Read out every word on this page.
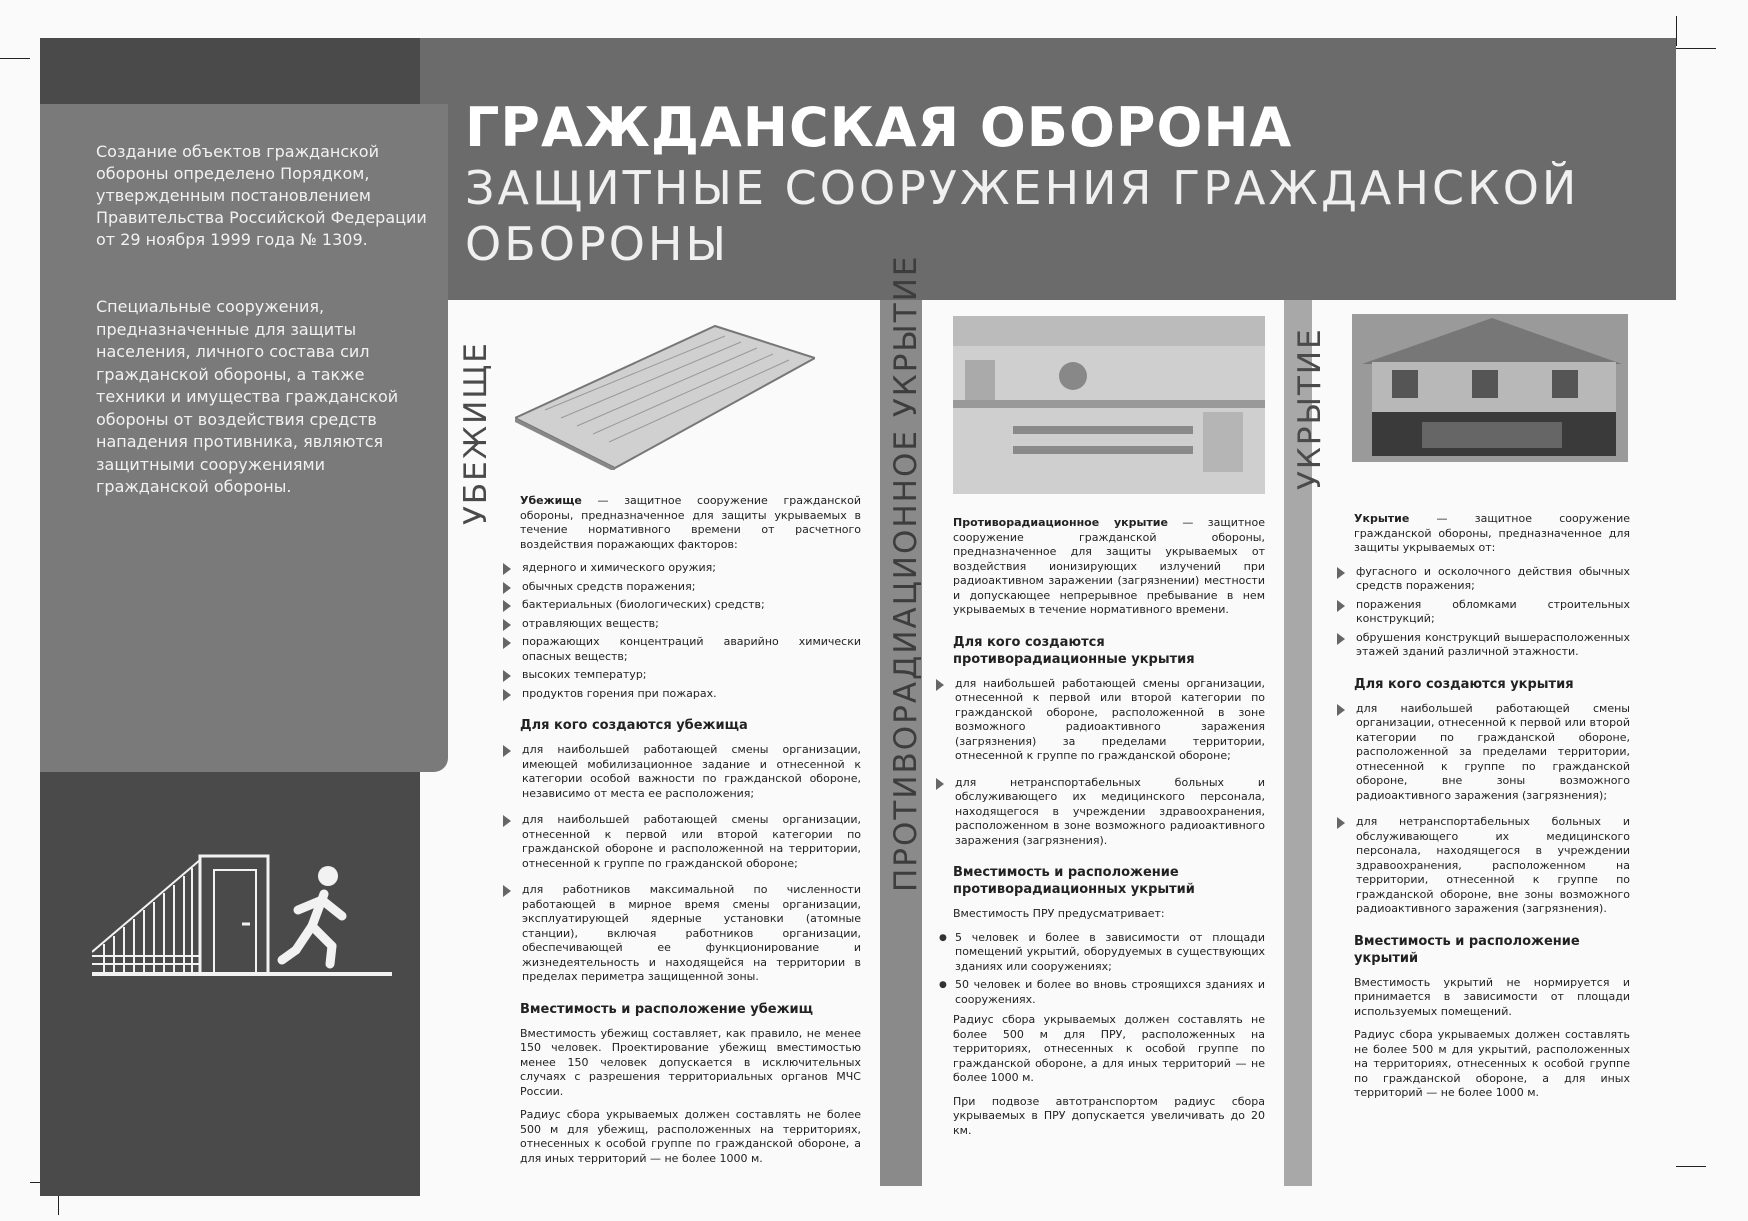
ГРАЖДАНСКАЯ ОБОРОНА
ЗАЩИТНЫЕ СООРУЖЕНИЯ ГРАЖДАНСКОЙ ОБОРОНЫ
Создание объектов гражданской обороны определено Порядком, утвержденным постановлением Правительства Российской Федерации от 29 ноября 1999 года № 1309.
Специальные сооружения, предназначенные для защиты населения, личного состава сил гражданской обороны, а также техники и имущества гражданской обороны от воздействия средств нападения противника, являются защитными сооружениями гражданской обороны.	УБЕЖИЩЕ	ПРОТИВОРАДИАЦИОННОЕ УКРЫТИЕ	УКРЫТИЕ

Убежище — защитное сооружение гражданской обороны, предназначенное для защиты укрываемых в течение нормативного времени от расчетного воздействия поражающих факторов:

ядерного и химического оружия;
обычных средств поражения;
бактериальных (биологических) средств;
отравляющих веществ;
поражающих концентраций аварийно химически опасных веществ;
высоких температур;
продуктов горения при пожарах.
Для кого создаются убежища
для наибольшей работающей смены организации, имеющей мобилизационное задание и отнесенной к категории особой важности по гражданской обороне, независимо от места ее расположения;
для наибольшей работающей смены организации, отнесенной к первой или второй категории по гражданской обороне и расположенной на территории, отнесенной к группе по гражданской обороне;
для работников максимальной по численности работающей в мирное время смены организации, эксплуатирующей ядерные установки (атомные станции), включая работников организации, обеспечивающей ее функционирование и жизнедеятельность и находящейся на территории в пределах периметра защищенной зоны.
Вместимость и расположение убежищ

Вместимость убежищ составляет, как правило, не менее 150 человек. Проектирование убежищ вместимостью менее 150 человек допускается в исключительных случаях с разрешения территориальных органов МЧС России.

Радиус сбора укрываемых должен составлять не более 500 м для убежищ, расположенных на территориях, отнесенных к особой группе по гражданской обороне, а для иных территорий — не более 1000 м.

Противорадиационное укрытие — защитное сооружение гражданской обороны, предназначенное для защиты укрываемых от воздействия ионизирующих излучений при радиоактивном заражении (загрязнении) местности и допускающее непрерывное пребывание в нем укрываемых в течение нормативного времени.

Для кого создаются противорадиационные укрытия
для наибольшей работающей смены организации, отнесенной к первой или второй категории по гражданской обороне, расположенной в зоне возможного радиоактивного заражения (загрязнения) за пределами территории, отнесенной к группе по гражданской обороне;
для нетранспортабельных больных и обслуживающего их медицинского персонала, находящегося в учреждении здравоохранения, расположенном в зоне возможного радиоактивного заражения (загрязнения).
Вместимость и расположение противорадиационных укрытий

Вместимость ПРУ предусматривает:

● 5 человек и более в зависимости от площади помещений укрытий, оборудуемых в существующих зданиях или сооружениях;
● 50 человек и более во вновь строящихся зданиях и сооружениях.

Радиус сбора укрываемых должен составлять не более 500 м для ПРУ, расположенных на территориях, отнесенных к особой группе по гражданской обороне, а для иных территорий — не более 1000 м.

При подвозе автотранспортом радиус сбора укрываемых в ПРУ допускается увеличивать до 20 км.

Укрытие — защитное сооружение гражданской обороны, предназначенное для защиты укрываемых от:

фугасного и осколочного действия обычных средств поражения;
поражения обломками строительных конструкций;
обрушения конструкций вышерасположенных этажей зданий различной этажности.
Для кого создаются укрытия
для наибольшей работающей смены организации, отнесенной к первой или второй категории по гражданской обороне, расположенной за пределами территории, отнесенной к группе по гражданской обороне, вне зоны возможного радиоактивного заражения (загрязнения);
для нетранспортабельных больных и обслуживающего их медицинского персонала, находящегося в учреждении здравоохранения, расположенном на территории, отнесенной к группе по гражданской обороне, вне зоны возможного радиоактивного заражения (загрязнения).
Вместимость и расположение укрытий

Вместимость укрытий не нормируется и принимается в зависимости от площади используемых помещений.

Радиус сбора укрываемых должен составлять не более 500 м для укрытий, расположенных на территориях, отнесенных к особой группе по гражданской обороне, а для иных территорий — не более 1000 м.
